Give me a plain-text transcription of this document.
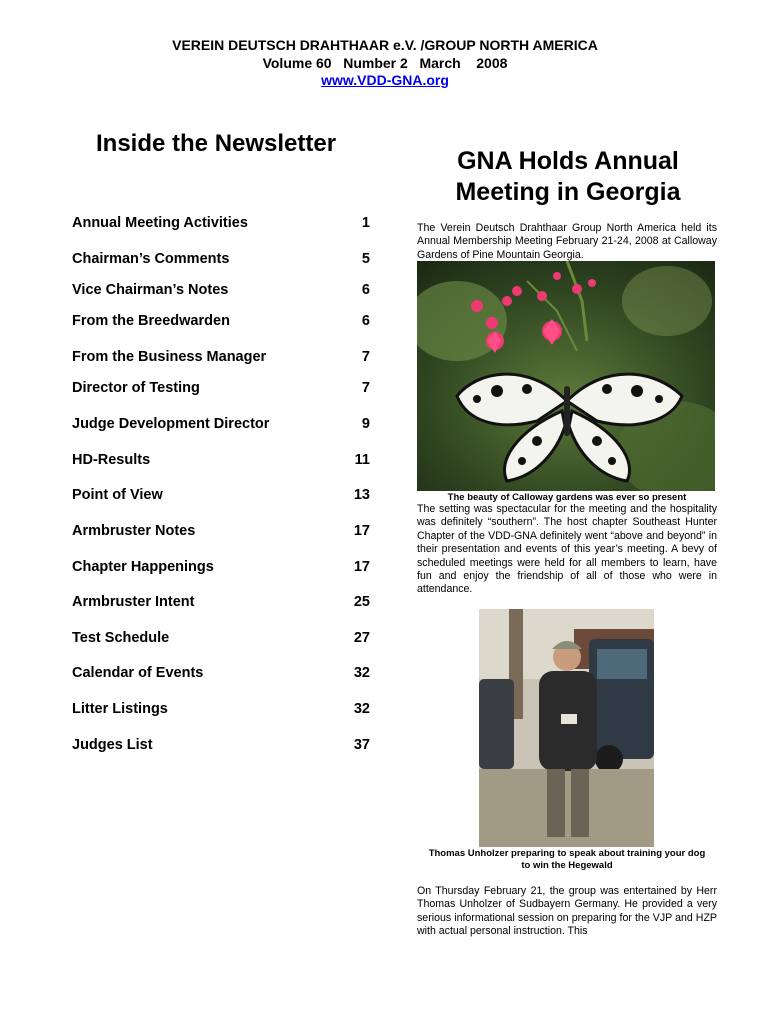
VEREIN DEUTSCH DRAHTHAAR e.V. /GROUP NORTH AMERICA
Volume 60   Number 2   March    2008
www.VDD-GNA.org
Inside the Newsletter
Annual Meeting Activities	1
Chairman’s Comments	5
Vice Chairman’s Notes	6
From the Breedwarden	6
From the Business Manager	7
Director of Testing	7
Judge Development Director	9
HD-Results	11
Point of View	13
Armbruster Notes	17
Chapter Happenings	17
Armbruster Intent	25
Test Schedule	27
Calendar of Events	32
Litter Listings	32
Judges List	37
GNA Holds Annual
Meeting in Georgia
The Verein Deutsch Drahthaar Group North America held its Annual Membership Meeting February 21-24, 2008 at Calloway Gardens of Pine Mountain Georgia.
The beauty of Calloway gardens was ever so present
The setting was spectacular for the meeting and the hospitality was definitely “southern”. The host chapter Southeast Hunter Chapter of the VDD-GNA definitely went “above and beyond” in their presentation and events of this year’s meeting. A bevy of scheduled meetings were held for all members to learn, have fun and enjoy the friendship of all of those who were in attendance.
Thomas Unholzer preparing to speak about training your dog
to win the Hegewald
On Thursday February 21, the group was entertained by Herr Thomas Unholzer of Sudbayern Germany. He provided a very serious informational session on preparing for the VJP and HZP with actual personal instruction. This
